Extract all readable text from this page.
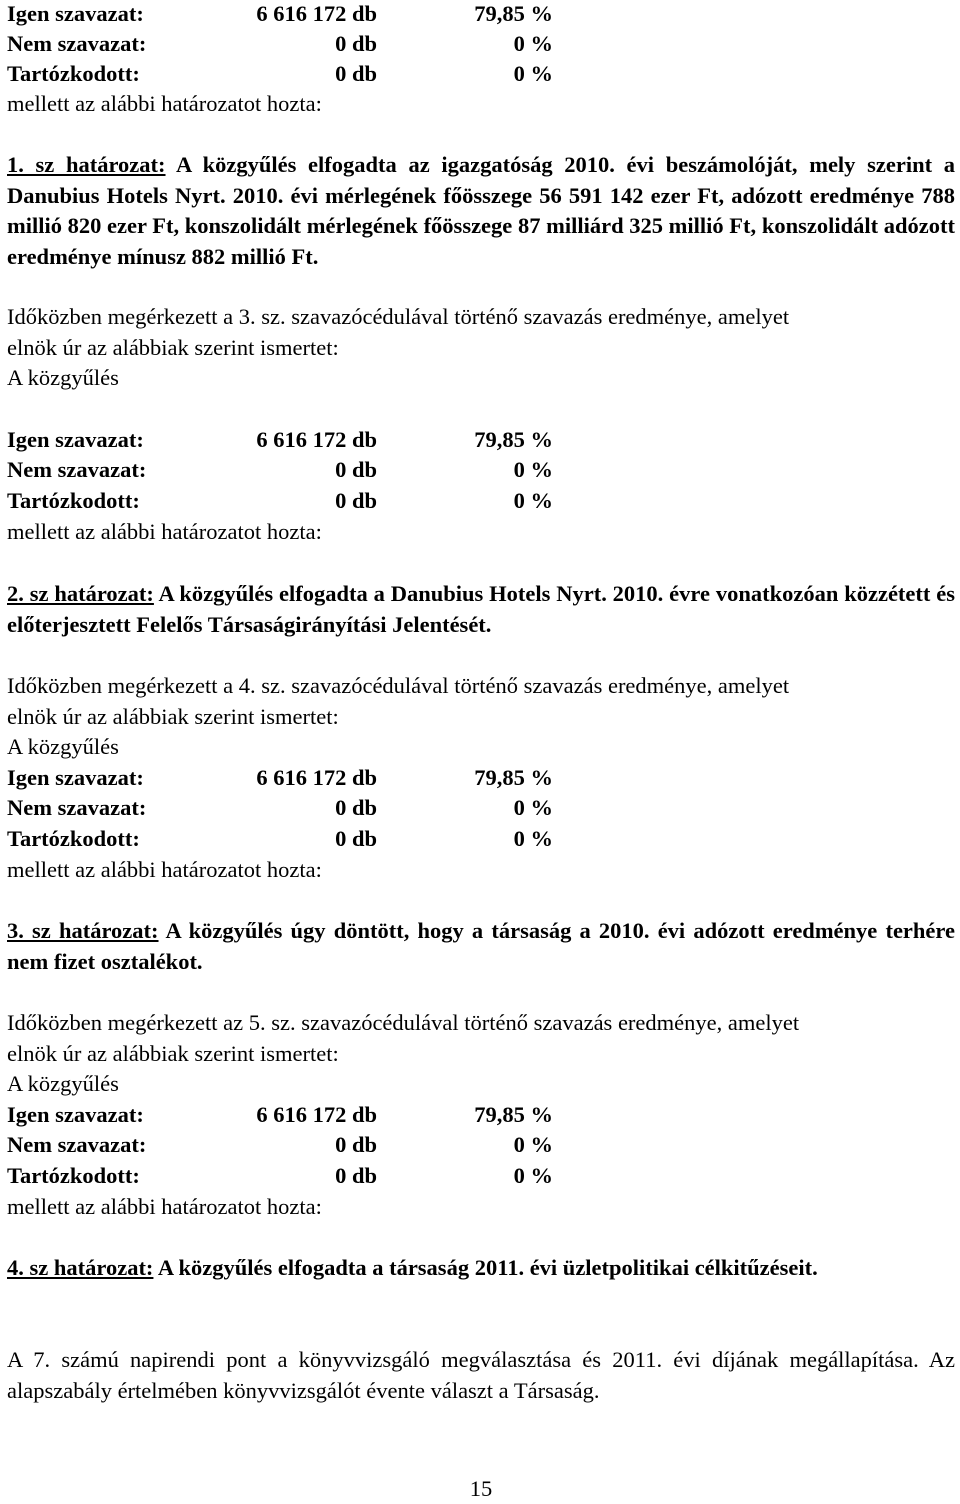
Igen szavazat:	6 616 172 db	79,85 %
Nem szavazat:	0 db	0 %
Tartózkodott:	0 db	0 %
mellett az alábbi határozatot hozta:
1. sz határozat: A közgyűlés elfogadta az igazgatóság 2010. évi beszámolóját, mely szerint a Danubius Hotels Nyrt. 2010. évi mérlegének főösszege 56 591 142 ezer Ft, adózott eredménye 788 millió 820 ezer Ft, konszolidált mérlegének főösszege 87 milliárd 325 millió Ft, konszolidált adózott eredménye mínusz 882 millió Ft.
Időközben megérkezett a 3. sz. szavazócédulával történő szavazás eredménye, amelyet
elnök úr az alábbiak szerint ismertet:
A közgyűlés
Igen szavazat:	6 616 172 db	79,85 %
Nem szavazat:	0 db	0 %
Tartózkodott:	0 db	0 %
mellett az alábbi határozatot hozta:
2. sz határozat: A közgyűlés elfogadta a Danubius Hotels Nyrt. 2010. évre vonatkozóan közzétett és előterjesztett Felelős Társaságirányítási Jelentését.
Időközben megérkezett a 4. sz. szavazócédulával történő szavazás eredménye, amelyet
elnök úr az alábbiak szerint ismertet:
A közgyűlés
Igen szavazat:	6 616 172 db	79,85 %
Nem szavazat:	0 db	0 %
Tartózkodott:	0 db	0 %
mellett az alábbi határozatot hozta:
3. sz határozat: A közgyűlés úgy döntött, hogy a társaság a 2010. évi adózott eredménye terhére nem fizet osztalékot.
Időközben megérkezett az 5. sz. szavazócédulával történő szavazás eredménye, amelyet
elnök úr az alábbiak szerint ismertet:
A közgyűlés
Igen szavazat:	6 616 172 db	79,85 %
Nem szavazat:	0 db	0 %
Tartózkodott:	0 db	0 %
mellett az alábbi határozatot hozta:
4. sz határozat: A közgyűlés elfogadta a társaság 2011. évi üzletpolitikai célkitűzéseit.
A 7. számú napirendi pont a könyvvizsgáló megválasztása és 2011. évi díjának megállapítása. Az alapszabály értelmében könyvvizsgálót évente választ a Társaság.
15
